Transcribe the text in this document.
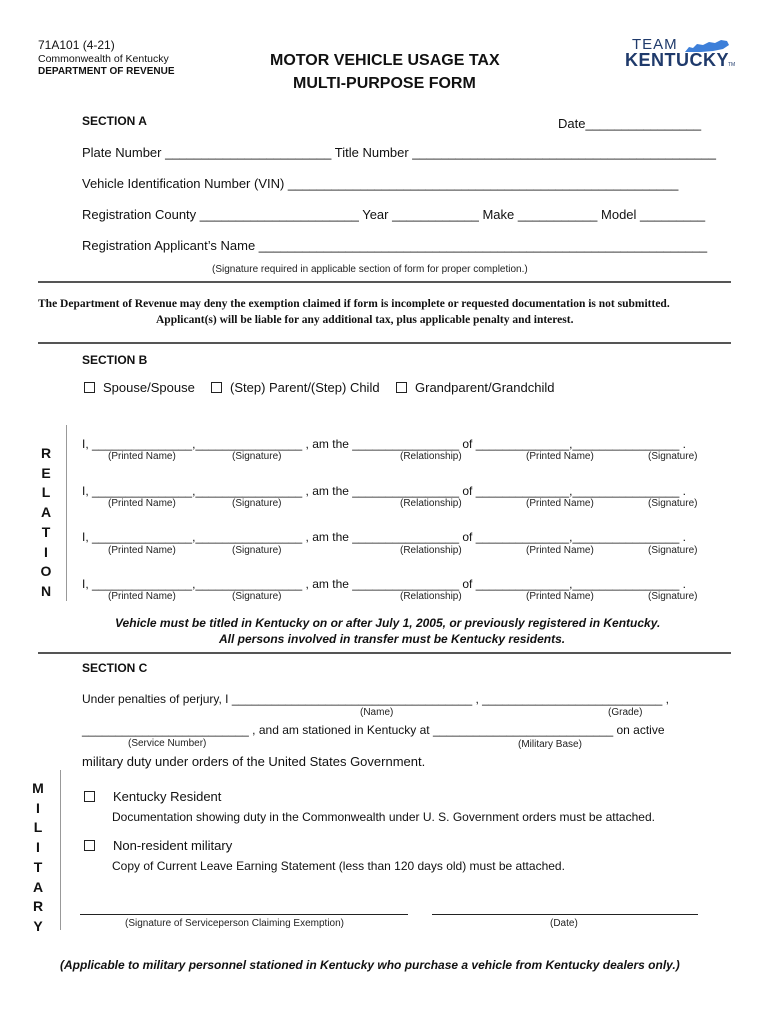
71A101 (4-21)
Commonwealth of Kentucky
DEPARTMENT OF REVENUE
MOTOR VEHICLE USAGE TAX
MULTI-PURPOSE FORM
TEAM
KENTUCKY
TM
SECTION A	Date________________
Plate Number _______________________ Title Number __________________________________________
Vehicle Identification Number (VIN) ______________________________________________________
Registration County ______________________ Year ____________ Make ___________ Model _________
Registration Applicant’s Name ______________________________________________________________
(Signature required in applicable section of form for proper completion.)
The Department of Revenue may deny the exemption claimed if form is incomplete or requested documentation is not submitted.
Applicant(s) will be liable for any additional tax, plus applicable penalty and interest.
SECTION B
Spouse/Spouse	(Step) Parent/(Step) Child	Grandparent/Grandchild
R
E
L
A
T
I
O
N
I, _______________,________________ , am the ________________ of ______________,________________ .
(Printed Name)	(Signature)	(Relationship)	(Printed Name)	(Signature)
I, _______________,________________ , am the ________________ of ______________,________________ .
(Printed Name)	(Signature)	(Relationship)	(Printed Name)	(Signature)
I, _______________,________________ , am the ________________ of ______________,________________ .
(Printed Name)	(Signature)	(Relationship)	(Printed Name)	(Signature)
I, _______________,________________ , am the ________________ of ______________,________________ .
(Printed Name)	(Signature)	(Relationship)	(Printed Name)	(Signature)
Vehicle must be titled in Kentucky on or after July 1, 2005, or previously registered in Kentucky.
All persons involved in transfer must be Kentucky residents.
SECTION C
Under penalties of perjury, I ____________________________________ , ___________________________ ,
(Name)	(Grade)
_________________________ , and am stationed in Kentucky at ___________________________ on active
(Service Number)	(Military Base)
military duty under orders of the United States Government.
M
I
L
I
T
A
R
Y
Kentucky Resident
Documentation showing duty in the Commonwealth under U. S. Government orders must be attached.
Non-resident military
Copy of Current Leave Earning Statement (less than 120 days old) must be attached.
(Signature of Serviceperson Claiming Exemption)	(Date)
(Applicable to military personnel stationed in Kentucky who purchase a vehicle from Kentucky dealers only.)
